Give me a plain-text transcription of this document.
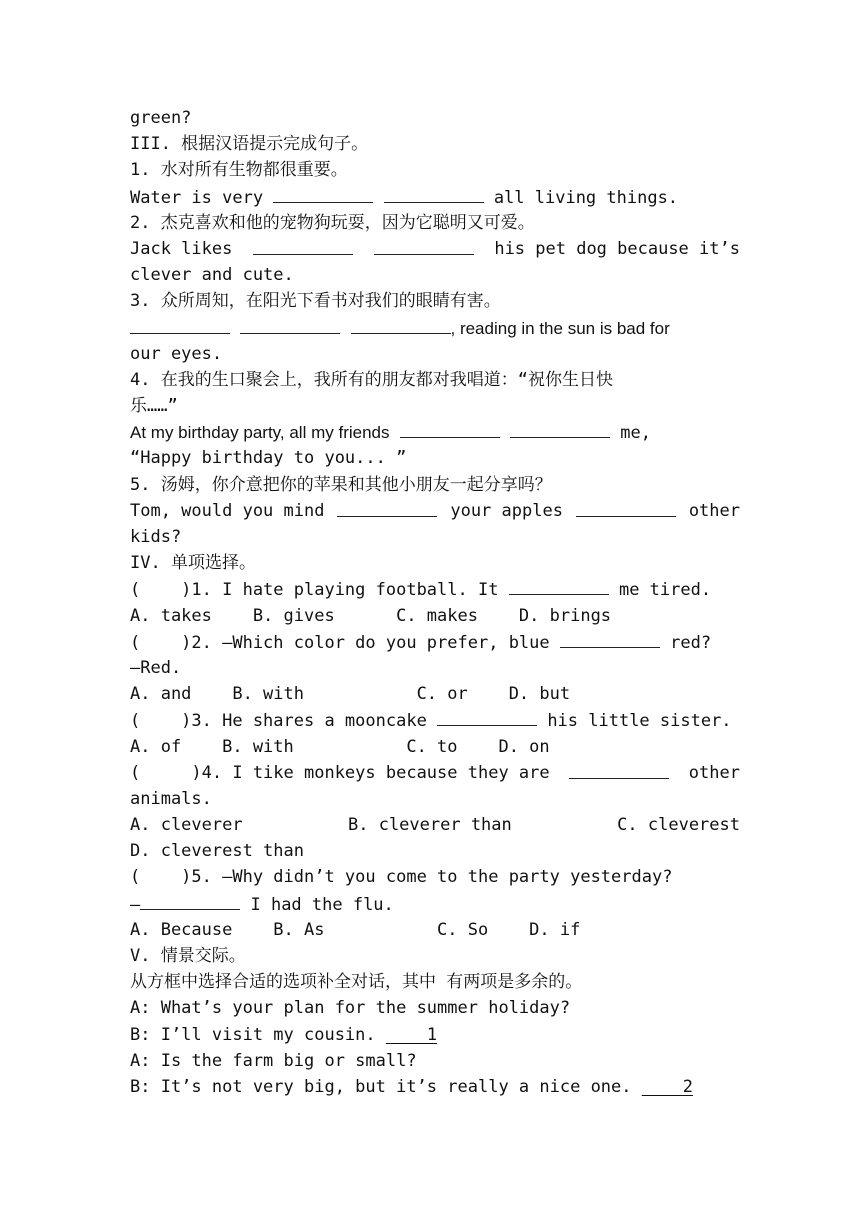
green?
III. 根据汉语提示完成句子。
1. 水对所有生物都很重要。
Water is very	all living things.
2. 杰克喜欢和他的宠物狗玩耍，因为它聪明又可爱。
Jack likes	his pet dog because it’s
clever and cute.
3. 众所周知，在阳光下看书对我们的眼睛有害。
, reading in the sun is bad for
our eyes.
4. 在我的生口聚会上，我所有的朋友都对我唱道：“祝你生日快
乐……”
At my birthday party, all my friends	me,
“Happy birthday to you... ”
5. 汤姆，你介意把你的苹果和其他小朋友一起分享吗？
Tom, would you mind	your apples	other
kids?
IV. 单项选择。
(    )1. I hate playing football. It	me tired.
A. takes    B. gives      C. makes    D. brings
(    )2. —Which color do you prefer, blue	red?
—Red.
A. and    B. with           C. or    D. but
(    )3. He shares a mooncake	his little sister.
A. of    B. with           C. to    D. on
(     )4. I tike monkeys because they are	other
animals.
A. cleverer	B. cleverer than	C. cleverest
D. cleverest than
(    )5. —Why didn’t you come to the party yesterday?
—	I had the flu.
A. Because    B. As           C. So    D. if
V. 情景交际。
从方框中选择合适的选项补全对话，其中 有两项是多余的。
A: What’s your plan for the summer holiday?
B: I’ll visit my cousin.     1
A: Is the farm big or small?
B: It’s not very big, but it’s really a nice one.     2
